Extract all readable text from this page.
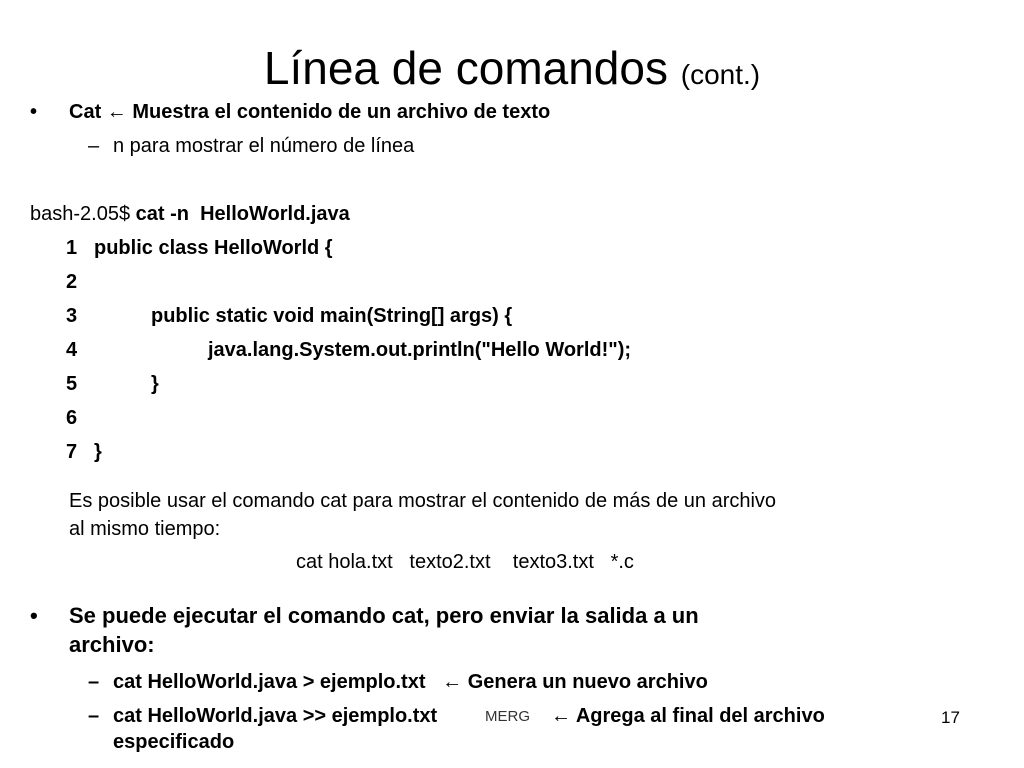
Línea de comandos (cont.)
• Cat ← Muestra el contenido de un archivo de texto
– n para mostrar el número de línea
bash-2.05$ cat -n  HelloWorld.java
1 public class HelloWorld {
2
3	public static void main(String[] args) {
4	java.lang.System.out.println("Hello World!");
5	}
6
7 }
Es posible usar el comando cat para mostrar el contenido de más de un archivo
al mismo tiempo:
cat hola.txt   texto2.txt    texto3.txt   *.c
• Se puede ejecutar el comando cat, pero enviar la salida a un
archivo:
– cat HelloWorld.java > ejemplo.txt ← Genera un nuevo archivo
– cat HelloWorld.java >> ejemplo.txt	← Agrega al final del archivo
especificado
MERG	17
